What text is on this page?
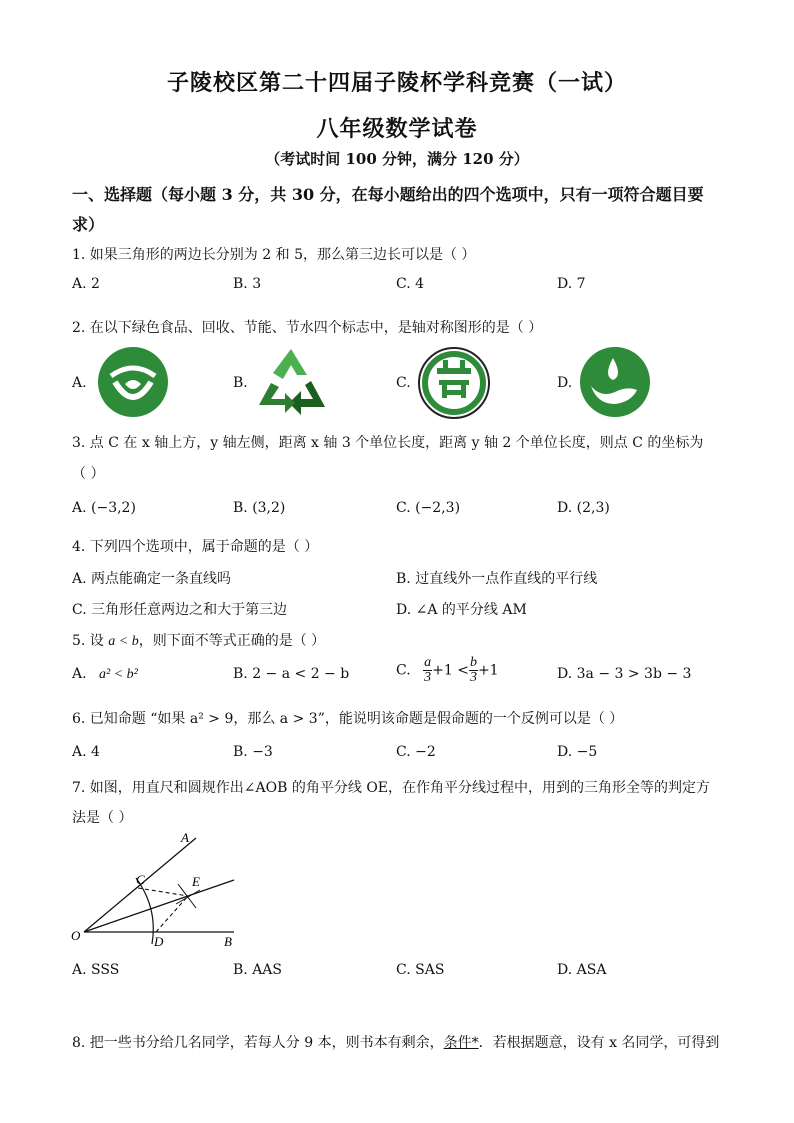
子陵校区第二十四届子陵杯学科竞赛（一试）
八年级数学试卷
（考试时间 100 分钟，满分 120 分）
一、选择题（每小题 3 分，共 30 分，在每小题给出的四个选项中，只有一项符合题目要
求）
1. 如果三角形的两边长分别为 2 和 5，那么第三边长可以是（ ）
A. 2	B. 3	C. 4	D. 7
2. 在以下绿色食品、回收、节能、节水四个标志中，是轴对称图形的是（ ）
A.	B.	C.	D.
3. 点 C 在 x 轴上方，y 轴左侧，距离 x 轴 3 个单位长度，距离 y 轴 2 个单位长度，则点 C 的坐标为
（ ）
A. (−3,2)	B. (3,2)	C. (−2,3)	D. (2,3)
4. 下列四个选项中，属于命题的是（ ）
A. 两点能确定一条直线吗	B. 过直线外一点作直线的平行线
C. 三角形任意两边之和大于第三边	D. ∠A 的平分线 AM
5. 设 a < b，则下面不等式正确的是（ ）
A. a² < b²	B. 2 − a < 2 − b	C. $\frac{a}{3} +1 < \frac{b}{3} +1$	D. 3a − 3 > 3b − 3
6. 已知命题 “如果 a² > 9，那么 a > 3”，能说明该命题是假命题的一个反例可以是（ ）
A. 4	B. −3	C. −2	D. −5
7. 如图，用直尺和圆规作出∠AOB 的角平分线 OE，在作角平分线过程中，用到的三角形全等的判定方
法是（ ）
A
C	E
O	D	B
A. SSS	B. AAS	C. SAS	D. ASA
8. 把一些书分给几名同学，若每人分 9 本，则书本有剩余，条件*．若根据题意，设有 x 名同学，可得到
